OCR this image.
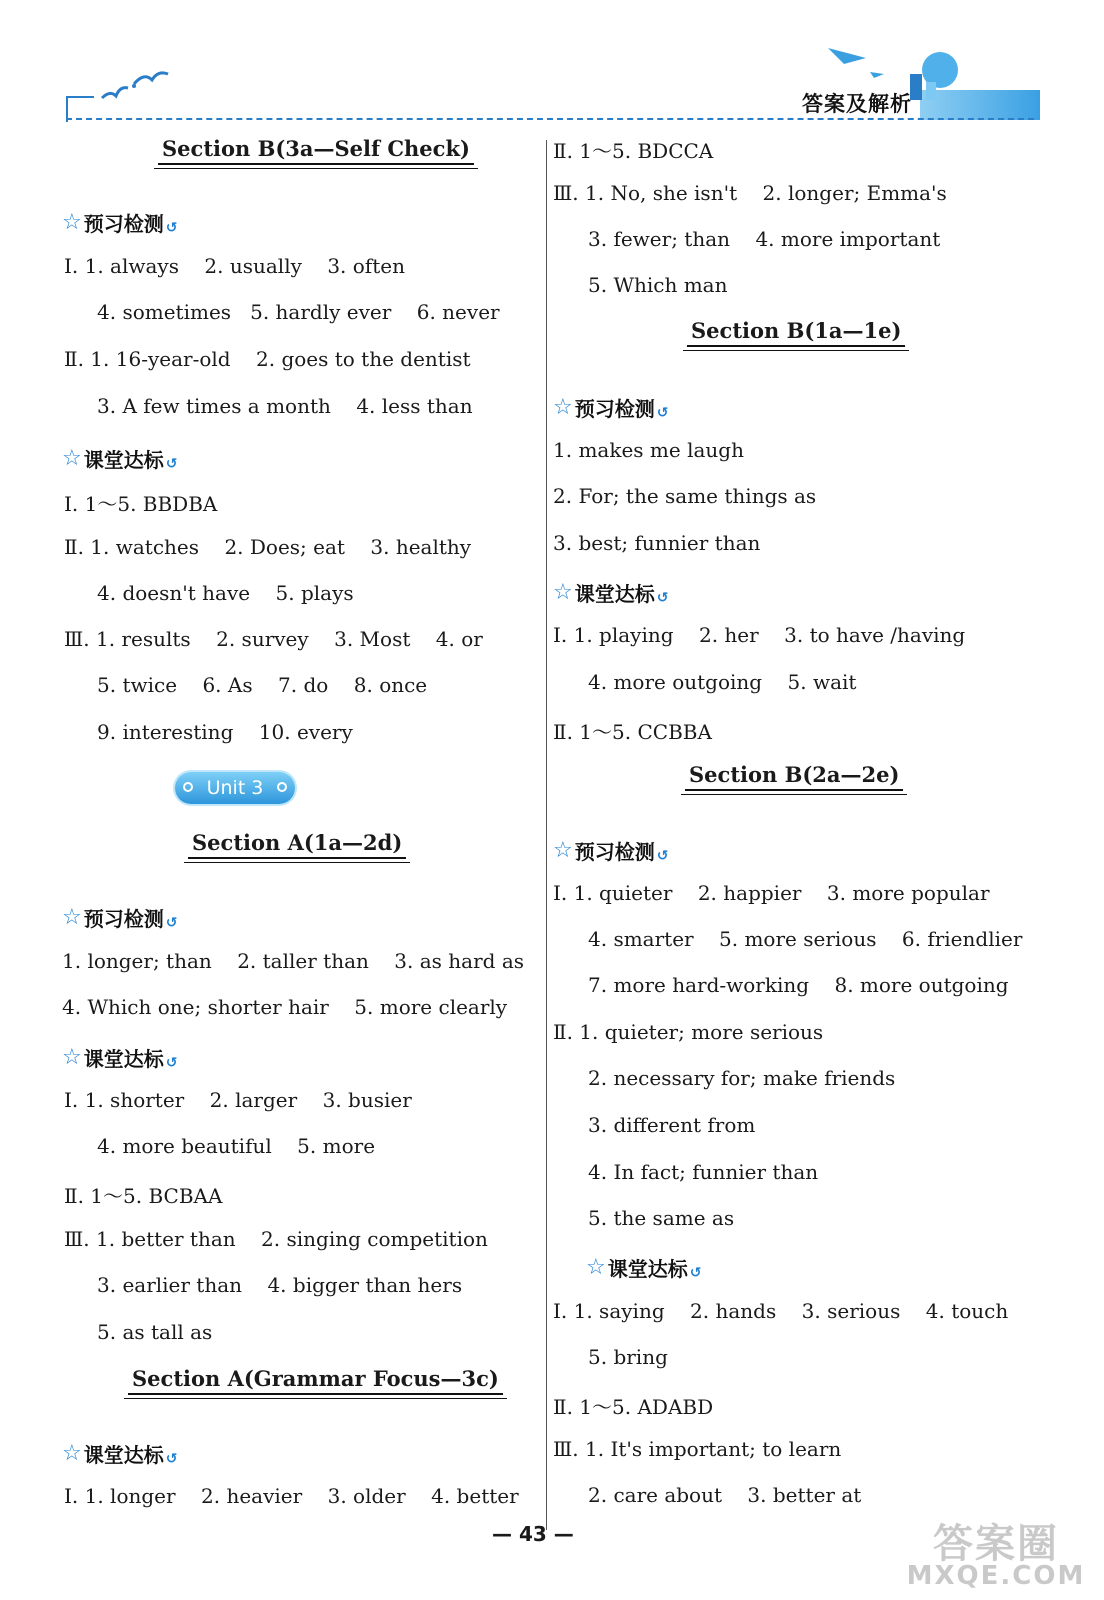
答案及解析
Section B(3a—Self Check)
☆ 预习检测 ↺
Ⅰ. 1. always    2. usually    3. often
4. sometimes   5. hardly ever    6. never
Ⅱ. 1. 16-year-old    2. goes to the dentist
3. A few times a month    4. less than
☆ 课堂达标 ↺
Ⅰ. 1～5. BBDBA
Ⅱ. 1. watches    2. Does; eat    3. healthy
4. doesn't have    5. plays
Ⅲ. 1. results    2. survey    3. Most    4. or
5. twice    6. As    7. do    8. once
9. interesting    10. every
Unit 3
Section A(1a—2d)
☆ 预习检测 ↺
1. longer; than    2. taller than    3. as hard as
4. Which one; shorter hair    5. more clearly
☆ 课堂达标 ↺
Ⅰ. 1. shorter    2. larger    3. busier
4. more beautiful    5. more
Ⅱ. 1～5. BCBAA
Ⅲ. 1. better than    2. singing competition
3. earlier than    4. bigger than hers
5. as tall as
Section A(Grammar Focus—3c)
☆ 课堂达标 ↺
Ⅰ. 1. longer    2. heavier    3. older    4. better
Ⅱ. 1～5. BDCCA
Ⅲ. 1. No, she isn't    2. longer; Emma's
3. fewer; than    4. more important
5. Which man
Section B(1a—1e)
☆ 预习检测 ↺
1. makes me laugh
2. For; the same things as
3. best; funnier than
☆ 课堂达标 ↺
Ⅰ. 1. playing    2. her    3. to have /having
4. more outgoing    5. wait
Ⅱ. 1～5. CCBBA
Section B(2a—2e)
☆ 预习检测 ↺
Ⅰ. 1. quieter    2. happier    3. more popular
4. smarter    5. more serious    6. friendlier
7. more hard-working    8. more outgoing
Ⅱ. 1. quieter; more serious
2. necessary for; make friends
3. different from
4. In fact; funnier than
5. the same as
☆ 课堂达标 ↺
Ⅰ. 1. saying    2. hands    3. serious    4. touch
5. bring
Ⅱ. 1～5. ADABD
Ⅲ. 1. It's important; to learn
2. care about    3. better at
— 43 —	答案圈
MXQE.COM
